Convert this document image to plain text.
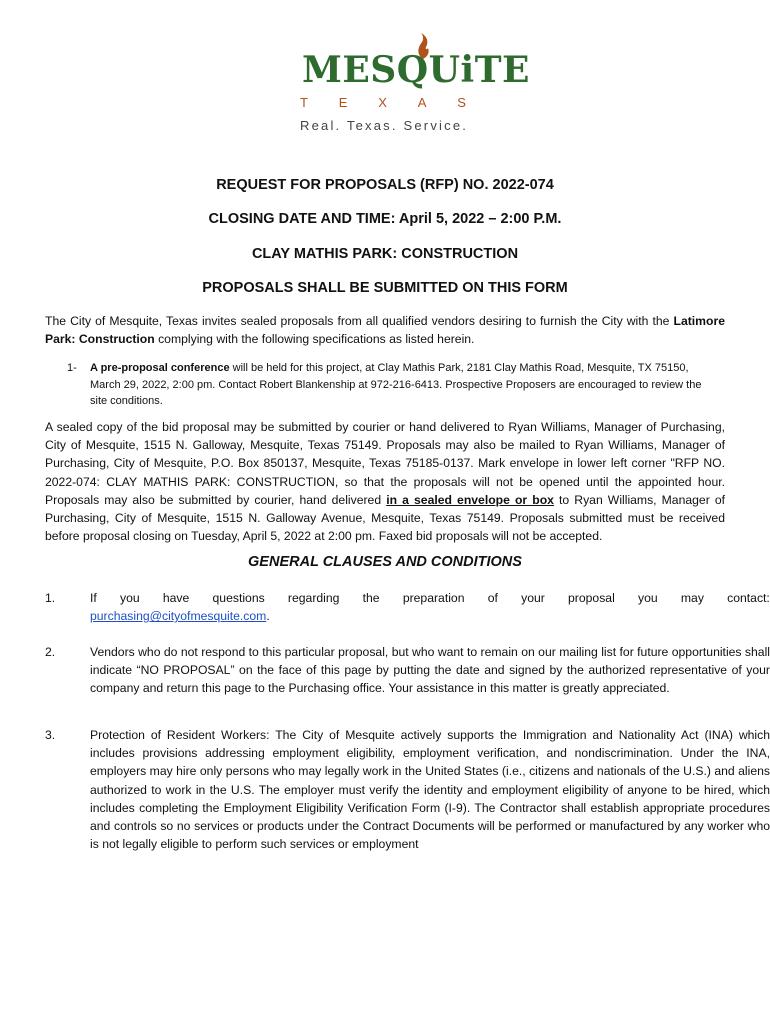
MESQUiTE
T E X A S
Real. Texas. Service.
REQUEST FOR PROPOSALS (RFP) NO. 2022-074
CLOSING DATE AND TIME: April 5, 2022 – 2:00 P.M.
CLAY MATHIS PARK: CONSTRUCTION
PROPOSALS SHALL BE SUBMITTED ON THIS FORM
The City of Mesquite, Texas invites sealed proposals from all qualified vendors desiring to furnish the City with the Latimore Park: Construction complying with the following specifications as listed herein.
1- A pre-proposal conference will be held for this project, at Clay Mathis Park, 2181 Clay Mathis Road, Mesquite, TX 75150, March 29, 2022, 2:00 pm. Contact Robert Blankenship at 972-216-6413. Prospective Proposers are encouraged to review the site conditions.
A sealed copy of the bid proposal may be submitted by courier or hand delivered to Ryan Williams, Manager of Purchasing, City of Mesquite, 1515 N. Galloway, Mesquite, Texas 75149. Proposals may also be mailed to Ryan Williams, Manager of Purchasing, City of Mesquite, P.O. Box 850137, Mesquite, Texas 75185-0137. Mark envelope in lower left corner "RFP NO. 2022-074: CLAY MATHIS PARK: CONSTRUCTION, so that the proposals will not be opened until the appointed hour. Proposals may also be submitted by courier, hand delivered in a sealed envelope or box to Ryan Williams, Manager of Purchasing, City of Mesquite, 1515 N. Galloway Avenue, Mesquite, Texas 75149. Proposals submitted must be received before proposal closing on Tuesday, April 5, 2022 at 2:00 pm. Faxed bid proposals will not be accepted.
GENERAL CLAUSES AND CONDITIONS
1.	If you have questions regarding the preparation of your proposal you may contact:
purchasing@cityofmesquite.com.
2.	Vendors who do not respond to this particular proposal, but who want to remain on our mailing list for future opportunities shall indicate “NO PROPOSAL” on the face of this page by putting the date and signed by the authorized representative of your company and return this page to the Purchasing office. Your assistance in this matter is greatly appreciated.
3.	Protection of Resident Workers: The City of Mesquite actively supports the Immigration and Nationality Act (INA) which includes provisions addressing employment eligibility, employment verification, and nondiscrimination. Under the INA, employers may hire only persons who may legally work in the United States (i.e., citizens and nationals of the U.S.) and aliens authorized to work in the U.S. The employer must verify the identity and employment eligibility of anyone to be hired, which includes completing the Employment Eligibility Verification Form (I-9). The Contractor shall establish appropriate procedures and controls so no services or products under the Contract Documents will be performed or manufactured by any worker who is not legally eligible to perform such services or employment
